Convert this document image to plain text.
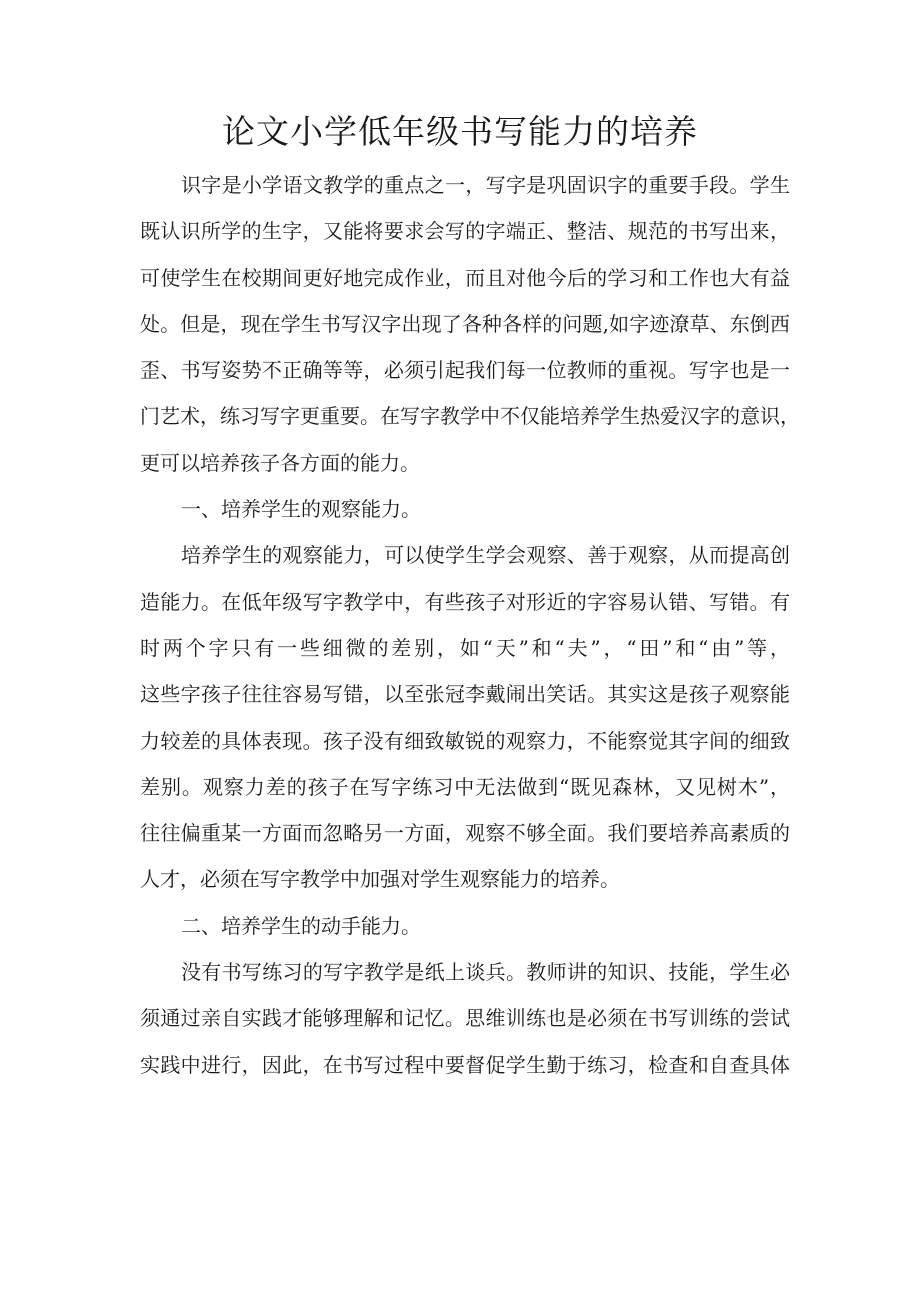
论文小学低年级书写能力的培养
识字是小学语文教学的重点之一，写字是巩固识字的重要手段。学生
既认识所学的生字，又能将要求会写的字端正、整洁、规范的书写出来，
可使学生在校期间更好地完成作业，而且对他今后的学习和工作也大有益
处。但是，现在学生书写汉字出现了各种各样的问题,如字迹潦草、东倒西
歪、书写姿势不正确等等，必须引起我们每一位教师的重视。写字也是一
门艺术，练习写字更重要。在写字教学中不仅能培养学生热爱汉字的意识，
更可以培养孩子各方面的能力。
一、培养学生的观察能力。
培养学生的观察能力，可以使学生学会观察、善于观察，从而提高创
造能力。在低年级写字教学中，有些孩子对形近的字容易认错、写错。有
时两个字只有一些细微的差别，如“天”和“夫”，“田”和“由”等，
这些字孩子往往容易写错，以至张冠李戴闹出笑话。其实这是孩子观察能
力较差的具体表现。孩子没有细致敏锐的观察力，不能察觉其字间的细致
差别。观察力差的孩子在写字练习中无法做到“既见森林，又见树木”，
往往偏重某一方面而忽略另一方面，观察不够全面。我们要培养高素质的
人才，必须在写字教学中加强对学生观察能力的培养。
二、培养学生的动手能力。
没有书写练习的写字教学是纸上谈兵。教师讲的知识、技能，学生必
须通过亲自实践才能够理解和记忆。思维训练也是必须在书写训练的尝试
实践中进行，因此，在书写过程中要督促学生勤于练习，检查和自查具体
